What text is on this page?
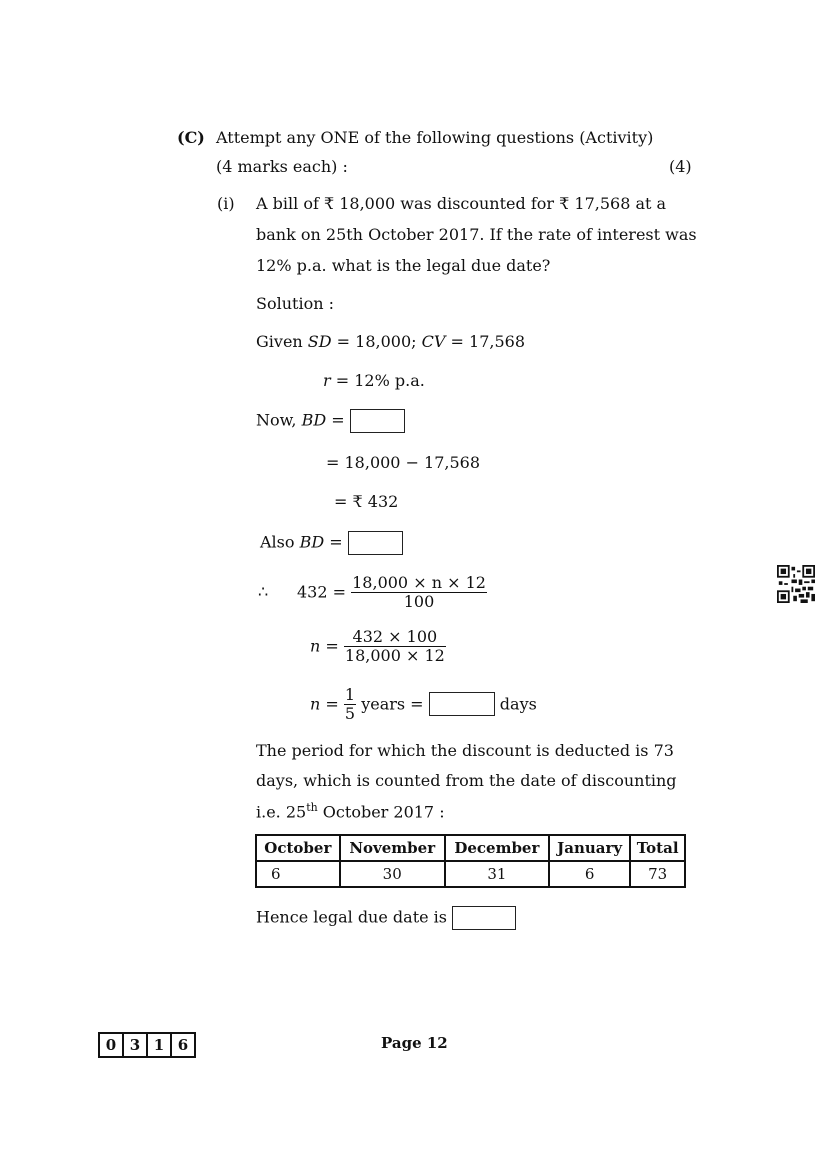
(C) Attempt any ONE of the following questions (Activity)
(4 marks each) :	(4)
(i) A bill of ₹ 18,000 was discounted for ₹ 17,568 at a
bank on 25th October 2017. If the rate of interest was
12% p.a. what is the legal due date?
Solution :
Given SD = 18,000; CV = 17,568
r = 12% p.a.
Now, BD =
= 18,000 − 17,568
= ₹ 432
Also BD =
∴ $432 = \frac{18,000 \times n \times 12}{100}$
$n = \frac{432 \times 100}{18,000 \times 12}$
$n = \frac{1}{5}$ years =	days
The period for which the discount is deducted is 73
days, which is counted from the date of discounting
i.e. 25th October 2017 :
October	November	December	January	Total
6	30	31	6	73
Hence legal due date is
0 3 1 6	Page 12
